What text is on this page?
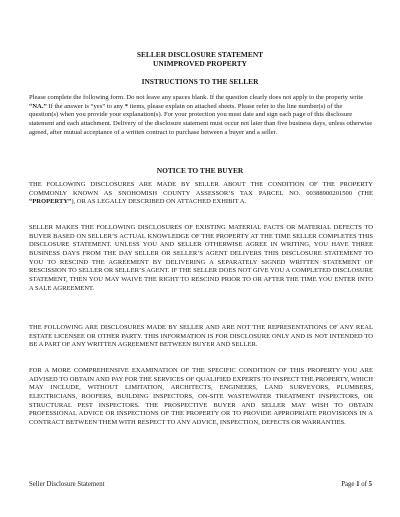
SELLER DISCLOSURE STATEMENT

UNIMPROVED PROPERTY

INSTRUCTIONS TO THE SELLER

Please complete the following form. Do not leave any spaces blank. If the question clearly does not apply to the property write “NA.” If the answer is “yes” to any * items, please explain on attached sheets. Please refer to the line number(s) of the question(s) when you provide your explanation(s). For your protection you must date and sign each page of this disclosure statement and each attachment. Delivery of the disclosure statement must occur not later than five business days, unless otherwise agreed, after mutual acceptance of a written contract to purchase between a buyer and a seller.

NOTICE TO THE BUYER

THE FOLLOWING DISCLOSURES ARE MADE BY SELLER ABOUT THE CONDITION OF THE PROPERTY COMMONLY KNOWN AS SNOHOMISH COUNTY ASSESSOR’S TAX PARCEL NO. 00388900201500 (THE “PROPERTY”), OR AS LEGALLY DESCRIBED ON ATTACHED EXHIBIT A.

SELLER MAKES THE FOLLOWING DISCLOSURES OF EXISTING MATERIAL FACTS OR MATERIAL DEFECTS TO BUYER BASED ON SELLER’S ACTUAL KNOWLEDGE OF THE PROPERTY AT THE TIME SELLER COMPLETES THIS DISCLOSURE STATEMENT. UNLESS YOU AND SELLER OTHERWISE AGREE IN WRITING, YOU HAVE THREE BUSINESS DAYS FROM THE DAY SELLER OR SELLER’S AGENT DELIVERS THIS DISCLOSURE STATEMENT TO YOU TO RESCIND THE AGREEMENT BY DELIVERING A SEPARATELY SIGNED WRITTEN STATEMENT OF RESCISSION TO SELLER OR SELLER’S AGENT. IF THE SELLER DOES NOT GIVE YOU A COMPLETED DISCLOSURE STATEMENT, THEN YOU MAY WAIVE THE RIGHT TO RESCIND PRIOR TO OR AFTER THE TIME YOU ENTER INTO A SALE AGREEMENT.

THE FOLLOWING ARE DISCLOSURES MADE BY SELLER AND ARE NOT THE REPRESENTATIONS OF ANY REAL ESTATE LICENSEE OR OTHER PARTY. THIS INFORMATION IS FOR DISCLOSURE ONLY AND IS NOT INTENDED TO BE A PART OF ANY WRITTEN AGREEMENT BETWEEN BUYER AND SELLER.

FOR A MORE COMPREHENSIVE EXAMINATION OF THE SPECIFIC CONDITION OF THIS PROPERTY YOU ARE ADVISED TO OBTAIN AND PAY FOR THE SERVICES OF QUALIFIED EXPERTS TO INSPECT THE PROPERTY, WHICH MAY INCLUDE, WITHOUT LIMITATION, ARCHITECTS, ENGINEERS, LAND SURVEYORS, PLUMBERS, ELECTRICIANS, ROOFERS, BUILDING INSPECTORS, ON-SITE WASTEWATER TREATMENT INSPECTORS, OR STRUCTURAL PEST INSPECTORS. THE PROSPECTIVE BUYER AND SELLER MAY WISH TO OBTAIN PROFESSIONAL ADVICE OR INSPECTIONS OF THE PROPERTY OR TO PROVIDE APPROPRIATE PROVISIONS IN A CONTRACT BETWEEN THEM WITH RESPECT TO ANY ADVICE, INSPECTION, DEFECTS OR WARRANTIES.

Seller Disclosure Statement	Page 1 of 5
